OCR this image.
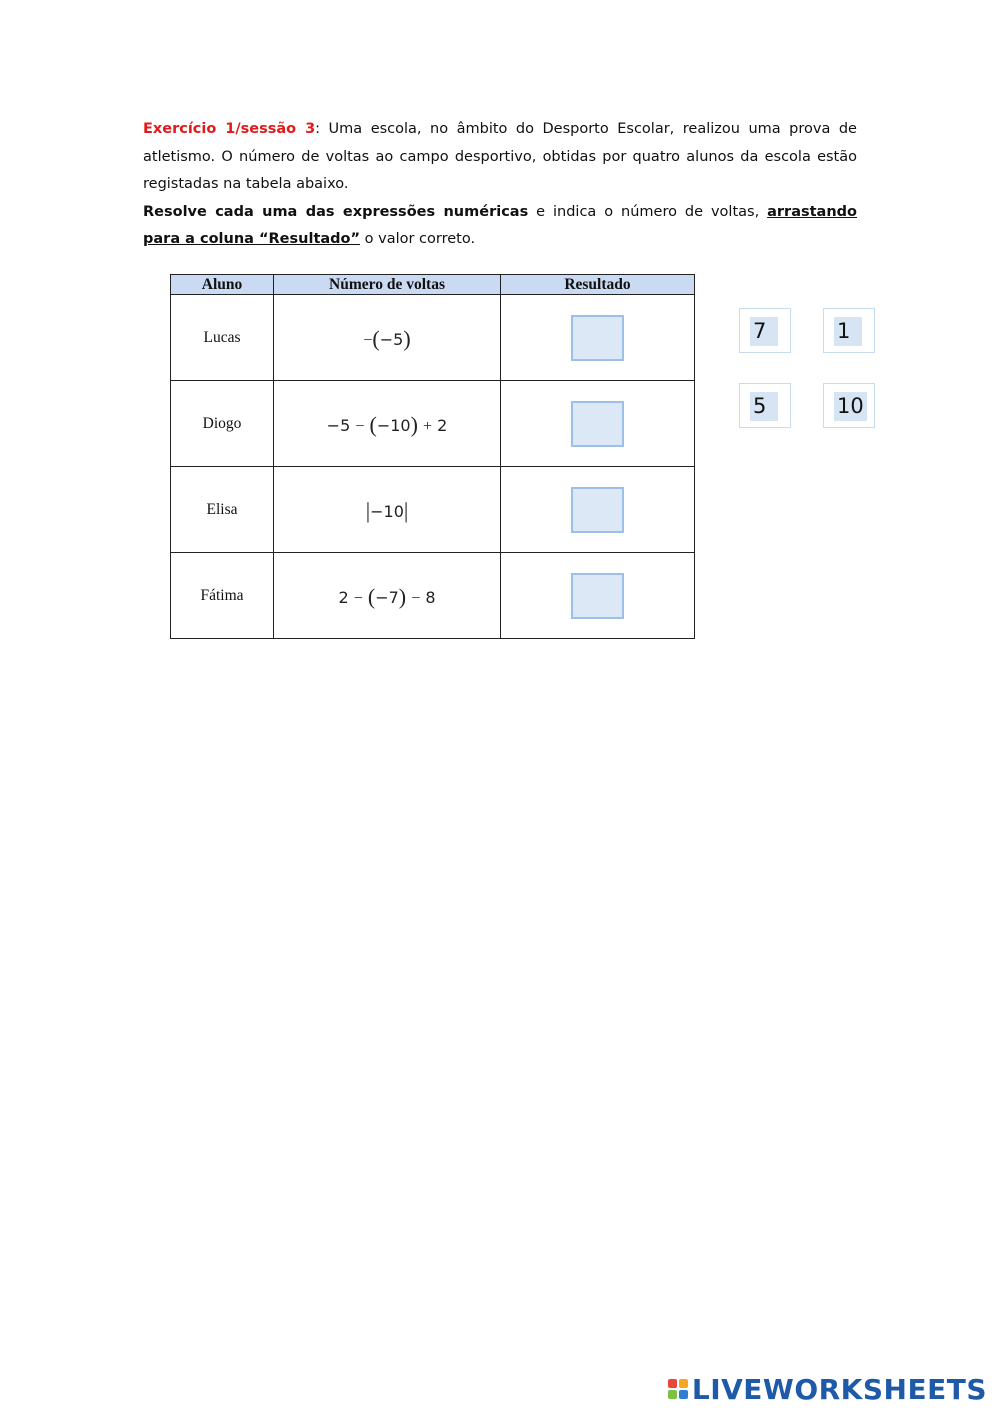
Exercício 1/sessão 3: Uma escola, no âmbito do Desporto Escolar, realizou uma prova de atletismo. O número de voltas ao campo desportivo, obtidas por quatro alunos da escola estão registadas na tabela abaixo.

Resolve cada uma das expressões numéricas e indica o número de voltas, arrastando para a coluna “Resultado” o valor correto.

Aluno	Número de voltas	Resultado
Lucas	−(−5)	
Diogo	−5 − (−10) + 2	
Elisa	|−10|	
Fátima	2 − (−7) − 8	
7	1
5	10
LIVEWORKSHEETS
